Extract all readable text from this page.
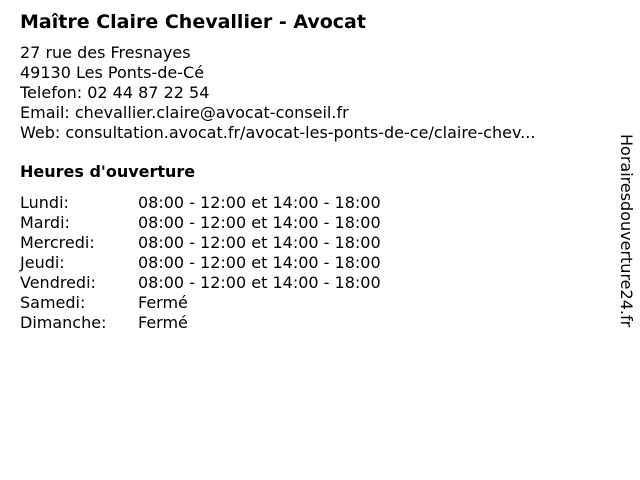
Maître Claire Chevallier - Avocat
27 rue des Fresnayes
49130 Les Ponts-de-Cé
Telefon: 02 44 87 22 54
Email: chevallier.claire@avocat-conseil.fr
Web: consultation.avocat.fr/avocat-les-ponts-de-ce/claire-chev...
Heures d'ouverture
Lundi:	08:00 - 12:00 et 14:00 - 18:00
Mardi:	08:00 - 12:00 et 14:00 - 18:00
Mercredi:	08:00 - 12:00 et 14:00 - 18:00
Jeudi:	08:00 - 12:00 et 14:00 - 18:00
Vendredi:	08:00 - 12:00 et 14:00 - 18:00
Samedi:	Fermé
Dimanche:	Fermé	Horairesdouverture24.fr
